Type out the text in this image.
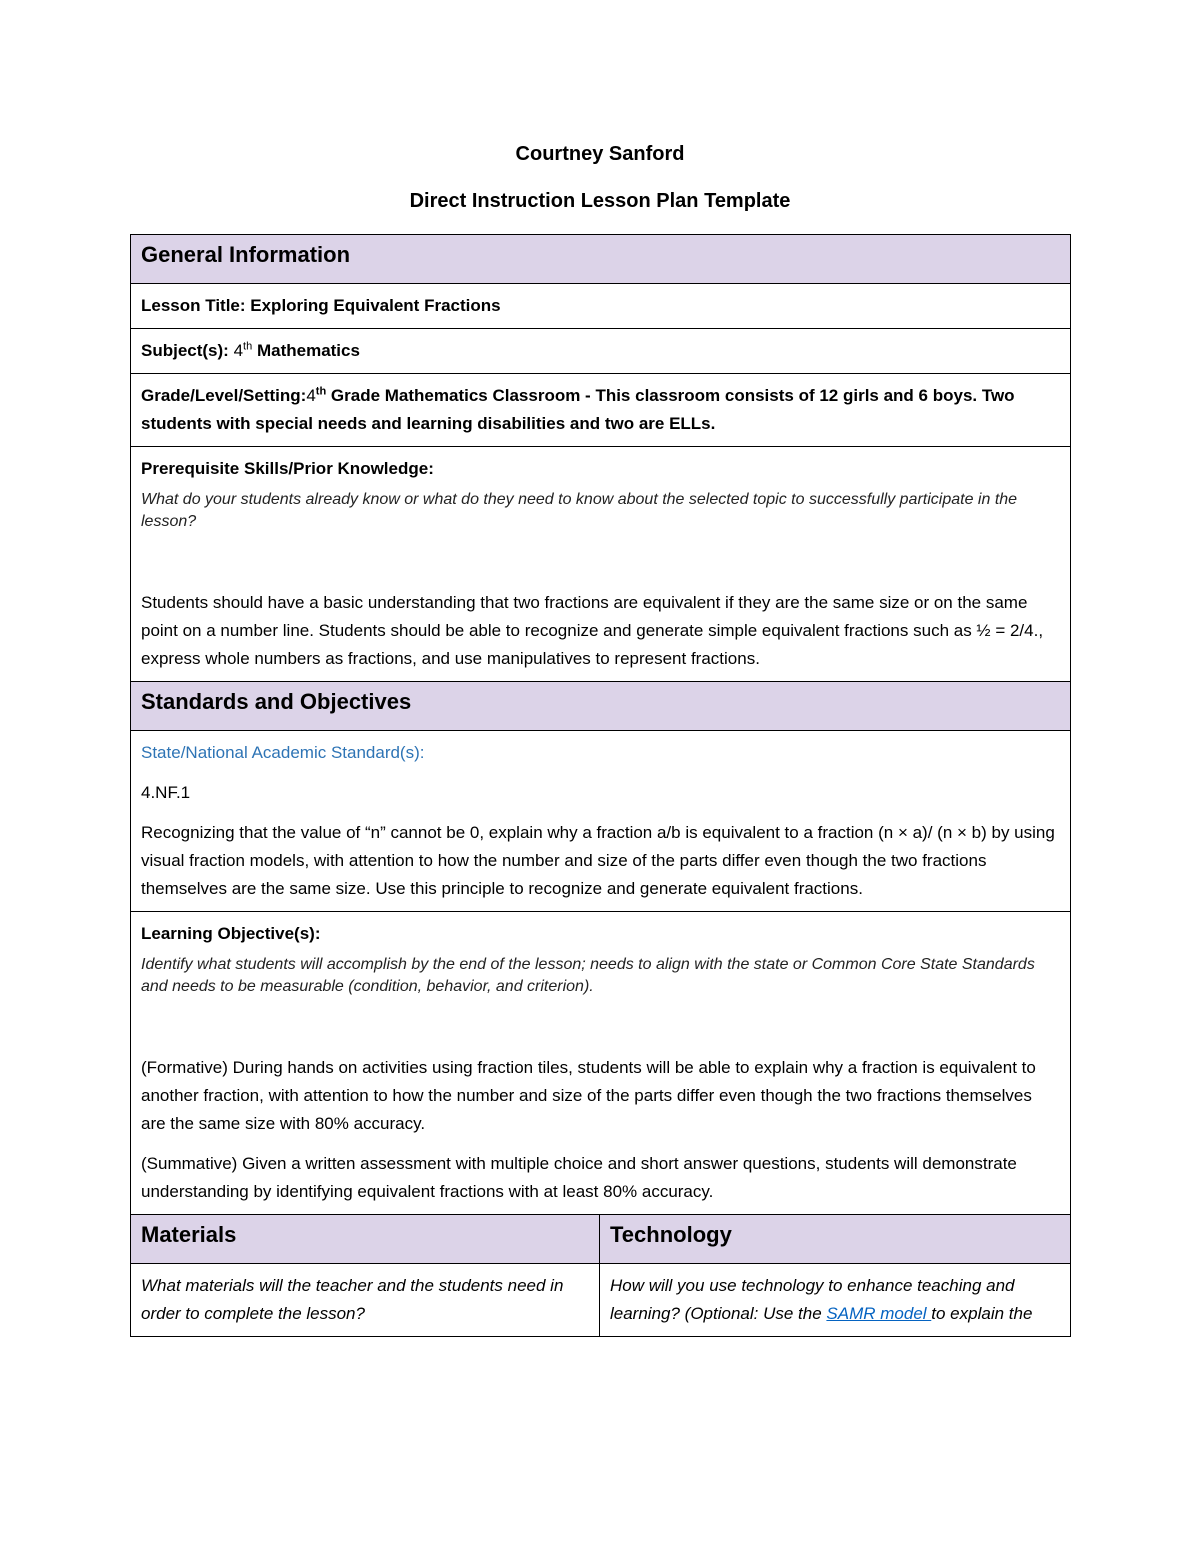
Courtney Sanford
Direct Instruction Lesson Plan Template
General Information	
Lesson Title: Exploring Equivalent Fractions	
Subject(s): 4th Mathematics	
Grade/Level/Setting:4th Grade Mathematics Classroom - This classroom consists of 12 girls and 6 boys. Two students with special needs and learning disabilities and two are ELLs.	

Prerequisite Skills/Prior Knowledge:

What do your students already know or what do they need to know about the selected topic to successfully participate in the lesson?

Students should have a basic understanding that two fractions are equivalent if they are the same size or on the same point on a number line. Students should be able to recognize and generate simple equivalent fractions such as ½ = 2/4., express whole numbers as fractions, and use manipulatives to represent fractions.	

Standards and Objectives	

State/National Academic Standard(s):
4.NF.1

Recognizing that the value of “n” cannot be 0, explain why a fraction a/b is equivalent to a fraction (n × a)/ (n × b) by using visual fraction models, with attention to how the number and size of the parts differ even though the two fractions themselves are the same size. Use this principle to recognize and generate equivalent fractions.	

Learning Objective(s):

Identify what students will accomplish by the end of the lesson; needs to align with the state or Common Core State Standards and needs to be measurable (condition, behavior, and criterion).

(Formative) During hands on activities using fraction tiles, students will be able to explain why a fraction is equivalent to another fraction, with attention to how the number and size of the parts differ even though the two fractions themselves are the same size with 80% accuracy.

(Summative) Given a written assessment with multiple choice and short answer questions, students will demonstrate understanding by identifying equivalent fractions with at least 80% accuracy.	

Materials	Technology
What materials will the teacher and the students need in order to complete the lesson?	How will you use technology to enhance teaching and learning? (Optional: Use the SAMR model to explain the
